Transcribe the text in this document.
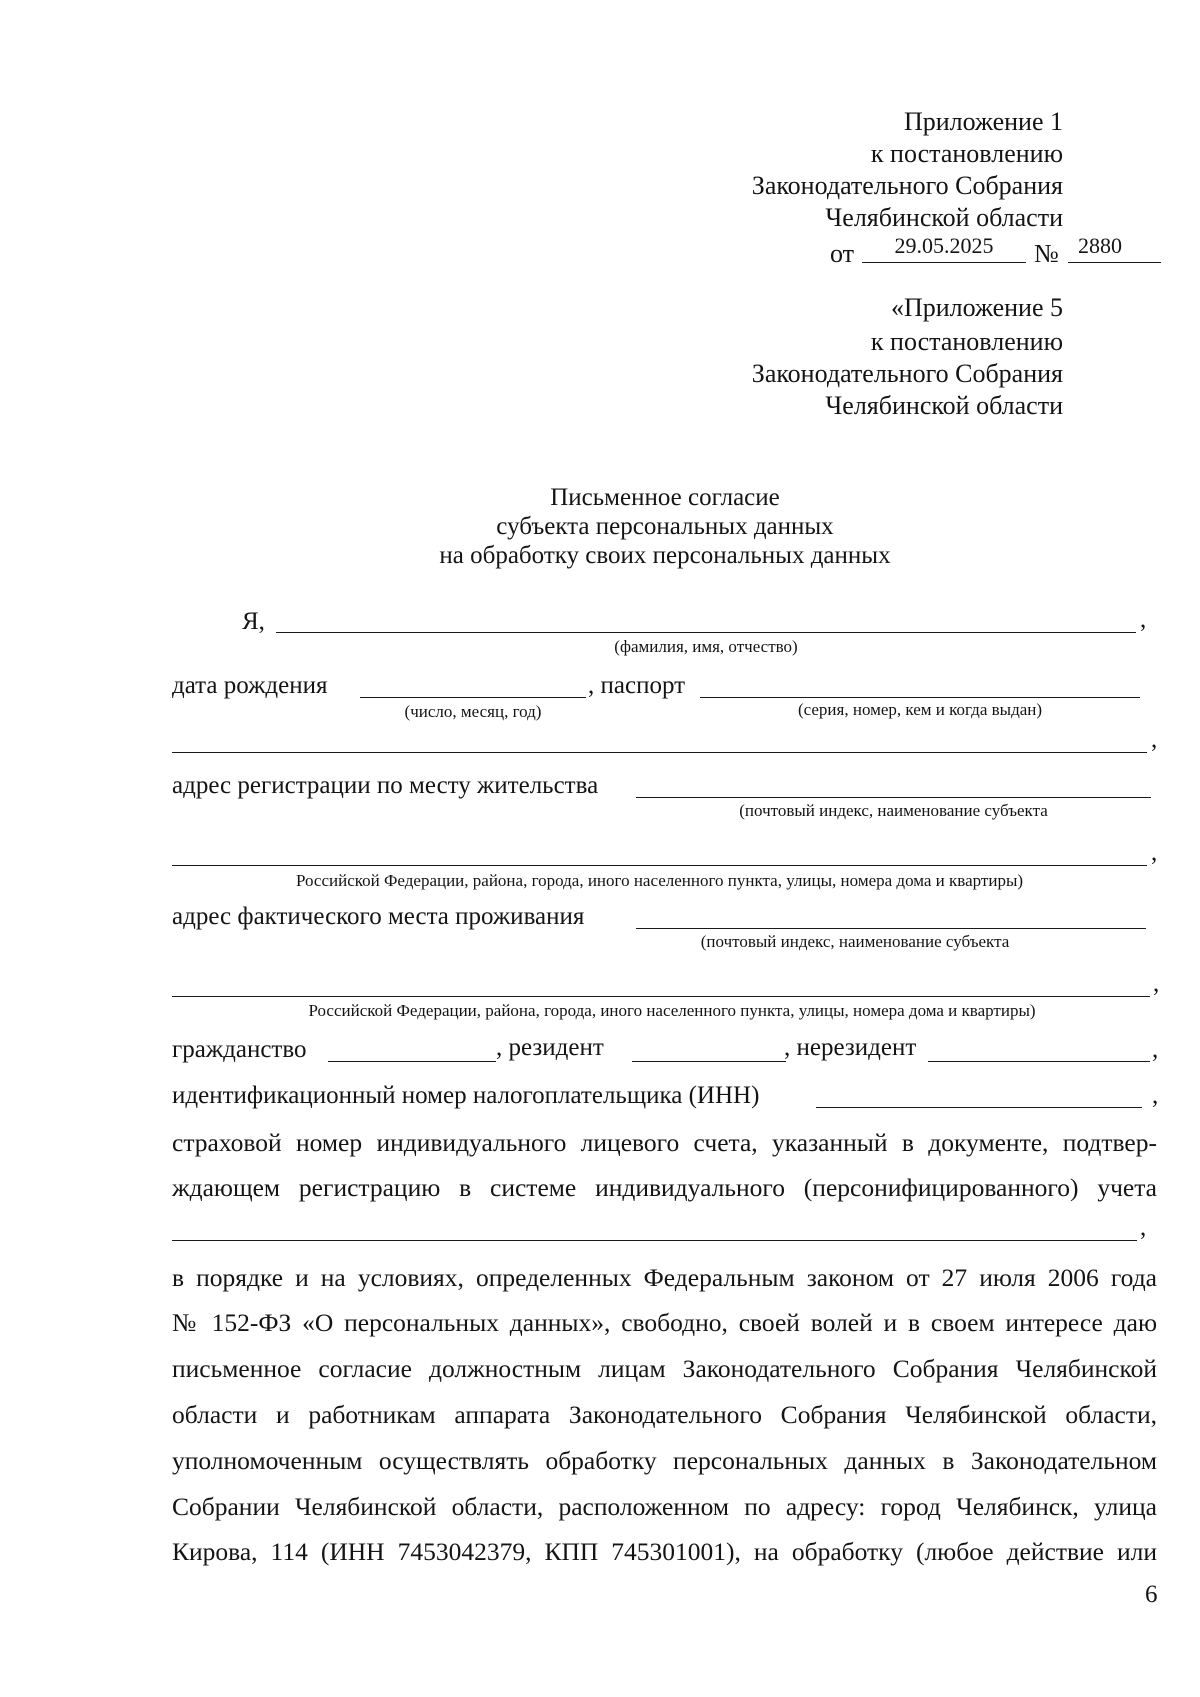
Приложение 1
к постановлению
Законодательного Собрания
Челябинской области
от	29.05.2025	№ 2880
«Приложение 5
к постановлению
Законодательного Собрания
Челябинской области
Письменное согласие
субъекта персональных данных
на обработку своих персональных данных
Я,	,
(фамилия, имя, отчество)
дата рождения	, паспорт
(число, месяц, год)	(серия, номер, кем и когда выдан)
,
адрес регистрации по месту жительства
(почтовый индекс, наименование субъекта
,
Российской Федерации, района, города, иного населенного пункта, улицы, номера дома и квартиры)
адрес фактического места проживания
(почтовый индекс, наименование субъекта
,
Российской Федерации, района, города, иного населенного пункта, улицы, номера дома и квартиры)
гражданство	, резидент	, нерезидент	,
идентификационный номер налогоплательщика (ИНН)	,
страховой номер индивидуального лицевого счета, указанный в документе, подтвер-
ждающем регистрацию в системе индивидуального (персонифицированного) учета
,
в порядке и на условиях, определенных Федеральным законом от 27 июля 2006 года
№ 152-ФЗ «О персональных данных», свободно, своей волей и в своем интересе даю
письменное согласие должностным лицам Законодательного Собрания Челябинской
области и работникам аппарата Законодательного Собрания Челябинской области,
уполномоченным осуществлять обработку персональных данных в Законодательном
Собрании Челябинской области, расположенном по адресу: город Челябинск, улица
Кирова, 114 (ИНН 7453042379, КПП 745301001), на обработку (любое действие или
6
